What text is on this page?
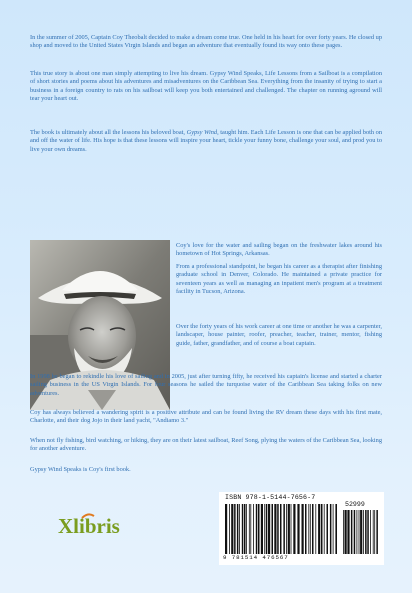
In the summer of 2005, Captain Coy Theobalt decided to make a dream come true. One held in his heart for over forty years. He closed up shop and moved to the United States Virgin Islands and began an adventure that eventually found its way onto these pages.
This true story is about one man simply attempting to live his dream. Gypsy Wind Speaks, Life Lessons from a Sailboat is a compilation of short stories and poems about his adventures and misadventures on the Caribbean Sea. Everything from the insanity of trying to start a business in a foreign country to rats on his sailboat will keep you both entertained and challenged. The chapter on running aground will tear your heart out.
The book is ultimately about all the lessons his beloved boat, Gypsy Wind, taught him. Each Life Lesson is one that can be applied both on and off the water of life. His hope is that these lessons will inspire your heart, tickle your funny bone, challenge your soul, and prod you to live your own dreams.
Coy's love for the water and sailing began on the freshwater lakes around his hometown of Hot Springs, Arkansas.
From a professional standpoint, he began his career as a therapist after finishing graduate school in Denver, Colorado. He maintained a private practice for seventeen years as well as managing an inpatient men's program at a treatment facility in Tucson, Arizona.
Over the forty years of his work career at one time or another he was a carpenter, landscaper, house painter, roofer, preacher, teacher, trainer, mentor, fishing guide, father, grandfather, and of course a boat captain.
In 1998 he began to rekindle his love of sailing and in 2005, just after turning fifty, he received his captain's license and started a charter sailing business in the US Virgin Islands. For four seasons he sailed the turquoise water of the Caribbean Sea taking folks on new adventures.
Coy has always believed a wandering spirit is a positive attribute and can be found living the RV dream these days with his first mate, Charlotte, and their dog Jojo in their land yacht, "Andiamo 3."
When not fly fishing, bird watching, or hiking, they are on their latest sailboat, Reef Song, plying the waters of the Caribbean Sea, looking for another adventure.
Gypsy Wind Speaks is Coy's first book.
Xlibris
ISBN 978-1-5144-7656-7
52999
9 781514 476567
